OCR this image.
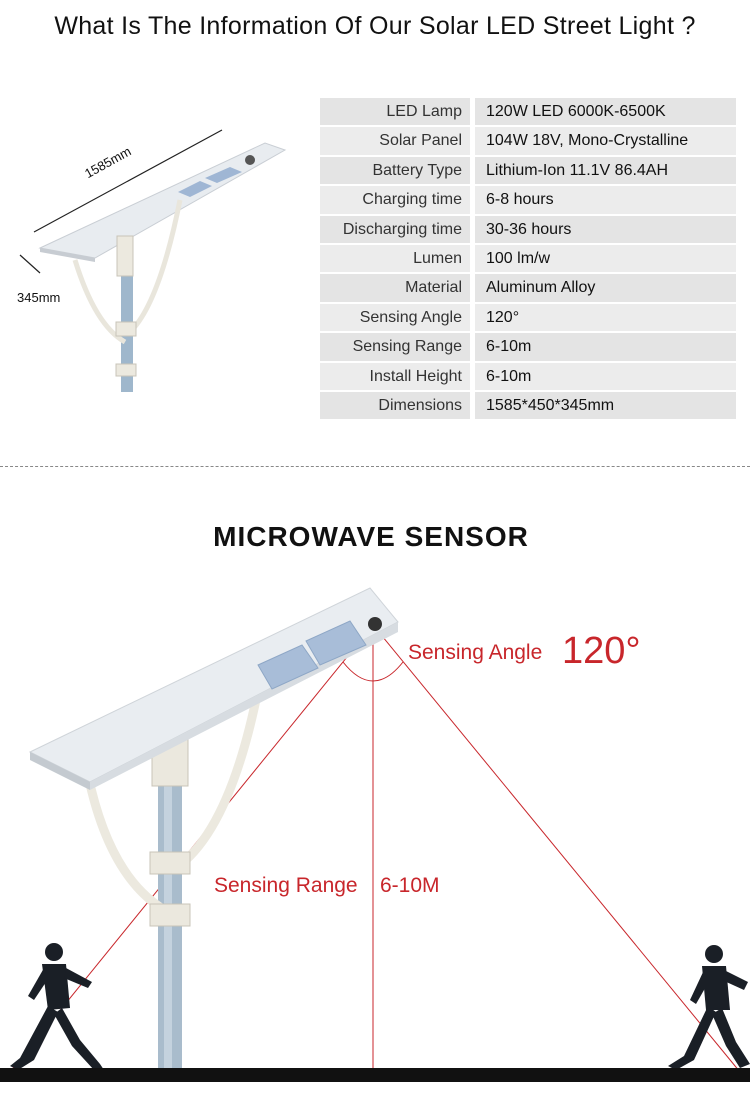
What Is The Information Of Our Solar LED Street Light ?
1585mm
345mm
LED Lamp	120W LED 6000K-6500K
Solar Panel	104W 18V, Mono-Crystalline
Battery Type	Lithium-Ion 11.1V 86.4AH
Charging time	6-8 hours
Discharging time	30-36 hours
Lumen	100 lm/w
Material	Aluminum Alloy
Sensing Angle	120°
Sensing Range	6-10m
Install Height	6-10m
Dimensions	1585*450*345mm
MICROWAVE SENSOR
Sensing Angle 120°
Sensing Range 6-10M
